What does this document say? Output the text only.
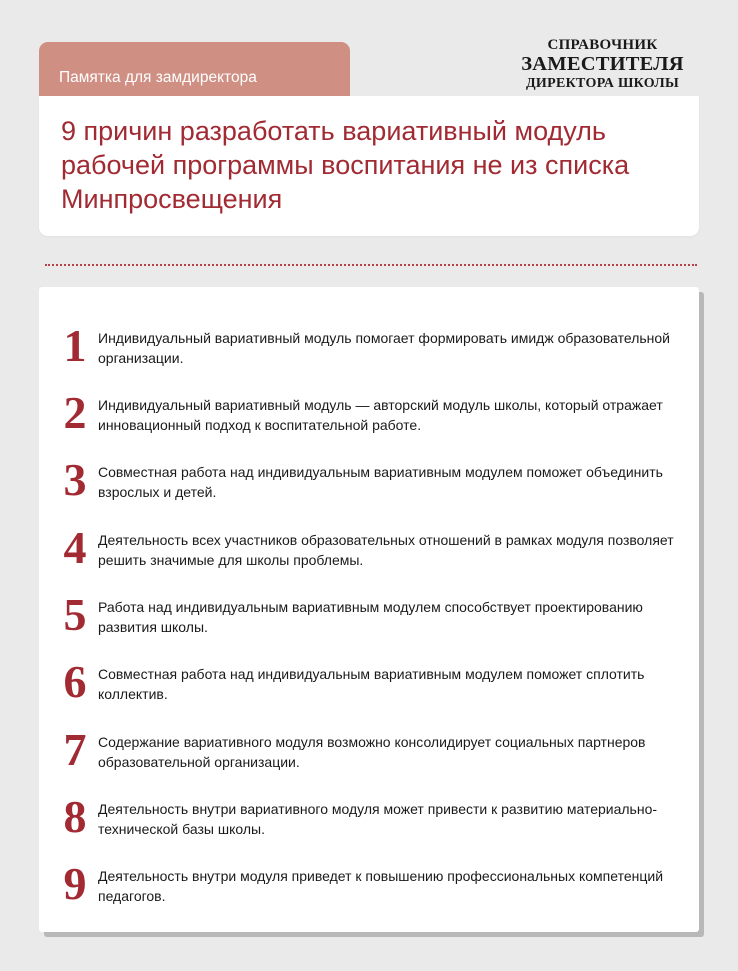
Памятка для замдиректора
СПРАВОЧНИК
ЗАМЕСТИТЕЛЯ
ДИРЕКТОРА ШКОЛЫ
9 причин разработать вариативный модуль рабочей программы воспитания не из списка Минпросвещения
1 Индивидуальный вариативный модуль помогает формировать имидж образовательной организации.
2 Индивидуальный вариативный модуль — авторский модуль школы, который отражает инновационный подход к воспитательной работе.
3 Совместная работа над индивидуальным вариативным модулем поможет объединить взрослых и детей.
4 Деятельность всех участников образовательных отношений в рамках модуля позволяет решить значимые для школы проблемы.
5 Работа над индивидуальным вариативным модулем способствует проектированию развития школы.
6 Совместная работа над индивидуальным вариативным модулем поможет сплотить коллектив.
7 Содержание вариативного модуля возможно консолидирует социальных партнеров образовательной организации.
8 Деятельность внутри вариативного модуля может привести к развитию материально-технической базы школы.
9 Деятельность внутри модуля приведет к повышению профессиональных компетенций педагогов.
